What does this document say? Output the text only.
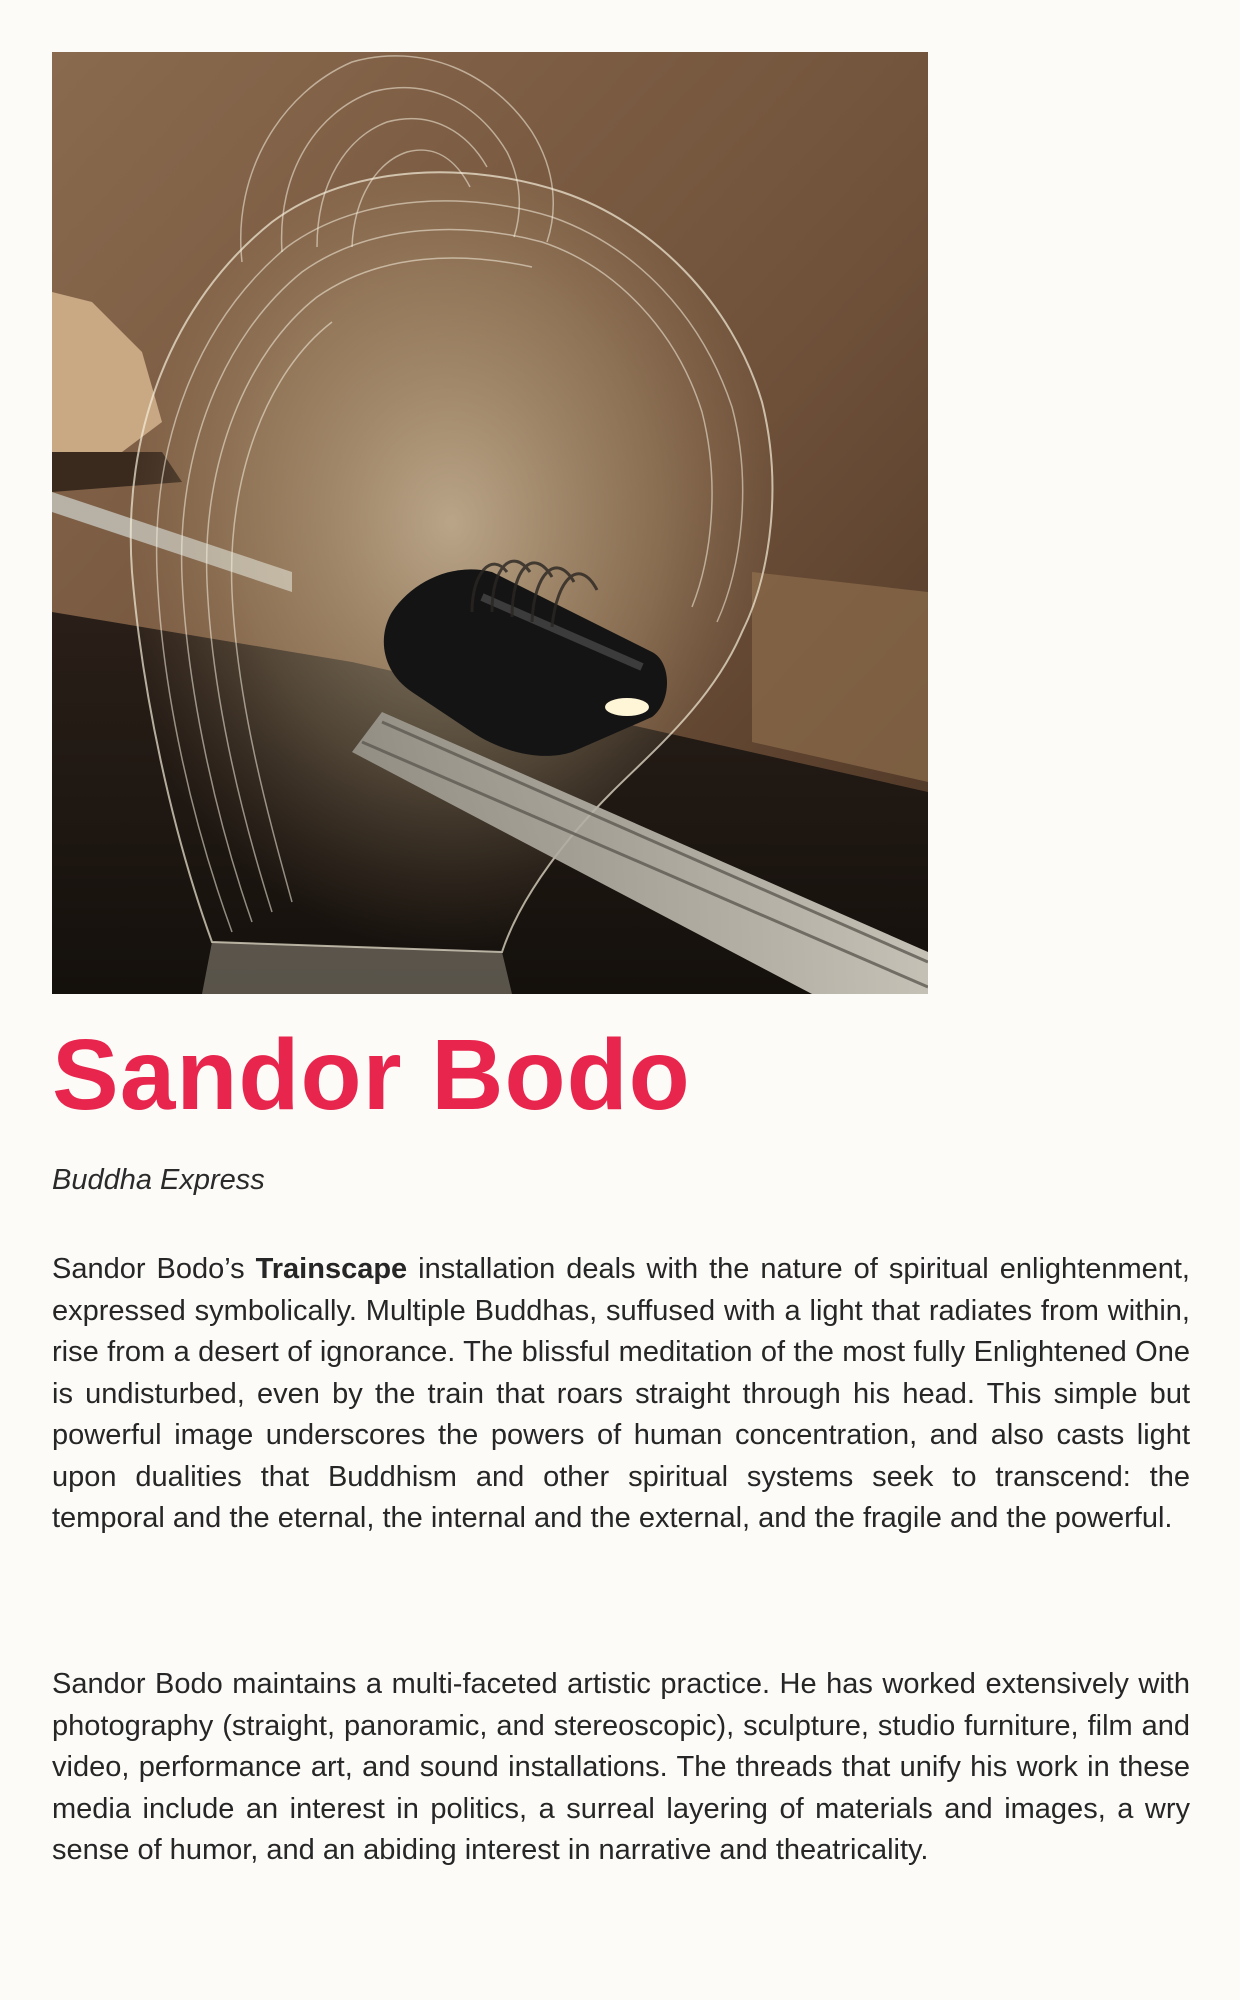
Sandor Bodo

Buddha Express

Sandor Bodo’s Trainscape installation deals with the nature of spiritual enlightenment, expressed symbolically. Multiple Buddhas, suffused with a light that radiates from within, rise from a desert of ignorance. The blissful meditation of the most fully Enlightened One is undisturbed, even by the train that roars straight through his head. This simple but powerful image underscores the powers of human concentration, and also casts light upon dualities that Buddhism and other spiritual systems seek to transcend: the temporal and the eternal, the internal and the external, and the fragile and the powerful.

Sandor Bodo maintains a multi-faceted artistic practice. He has worked extensively with photography (straight, panoramic, and stereoscopic), sculpture, studio furniture, film and video, performance art, and sound installations. The threads that unify his work in these media include an interest in politics, a surreal layering of materials and images, a wry sense of humor, and an abiding interest in narrative and theatricality.
